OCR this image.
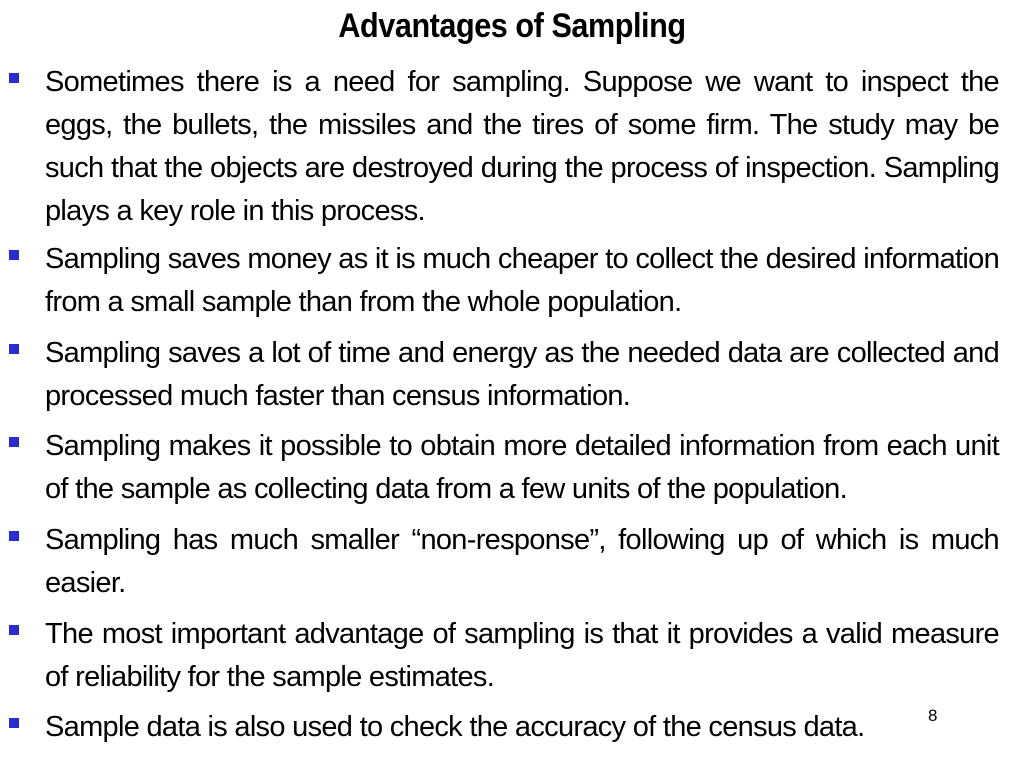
Advantages of Sampling
Sometimes there is a need for sampling. Suppose we want to inspect the eggs, the bullets, the missiles and the tires of some firm. The study may be such that the objects are destroyed during the process of inspection. Sampling plays a key role in this process.
Sampling saves money as it is much cheaper to collect the desired information from a small sample than from the whole population.
Sampling saves a lot of time and energy as the needed data are collected and processed much faster than census information.
Sampling makes it possible to obtain more detailed information from each unit of the sample as collecting data from a few units of the population.
Sampling has much smaller “non-response”, following up of which is much easier.
The most important advantage of sampling is that it provides a valid measure of reliability for the sample estimates.
Sample data is also used to check the accuracy of the census data.	8
